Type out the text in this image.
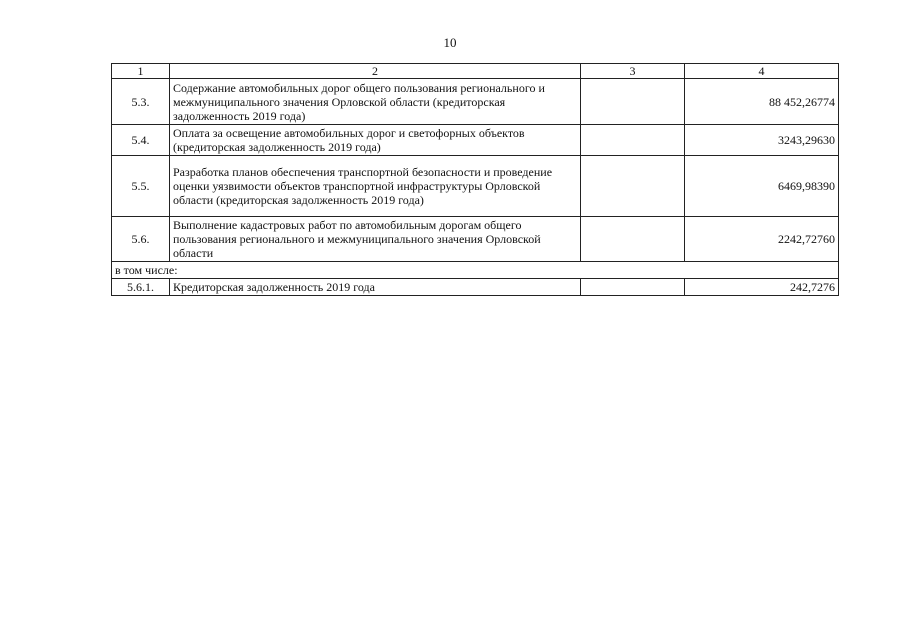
10
1	2	3	4
5.3.	Содержание автомобильных дорог общего пользования регионального и межмуниципального значения Орловской области (кредиторская задолженность 2019 года)		88 452,26774
5.4.	Оплата за освещение автомобильных дорог и светофорных объектов (кредиторская задолженность 2019 года)		3243,29630
5.5.	Разработка планов обеспечения транспортной безопасности и проведение оценки уязвимости объектов транспортной инфраструктуры Орловской области (кредиторская задолженность 2019 года)		6469,98390
5.6.	Выполнение кадастровых работ по автомобильным дорогам общего пользования регионального и межмуниципального значения Орловской области		2242,72760
в том числе:			
5.6.1.	Кредиторская задолженность 2019 года		242,7276
